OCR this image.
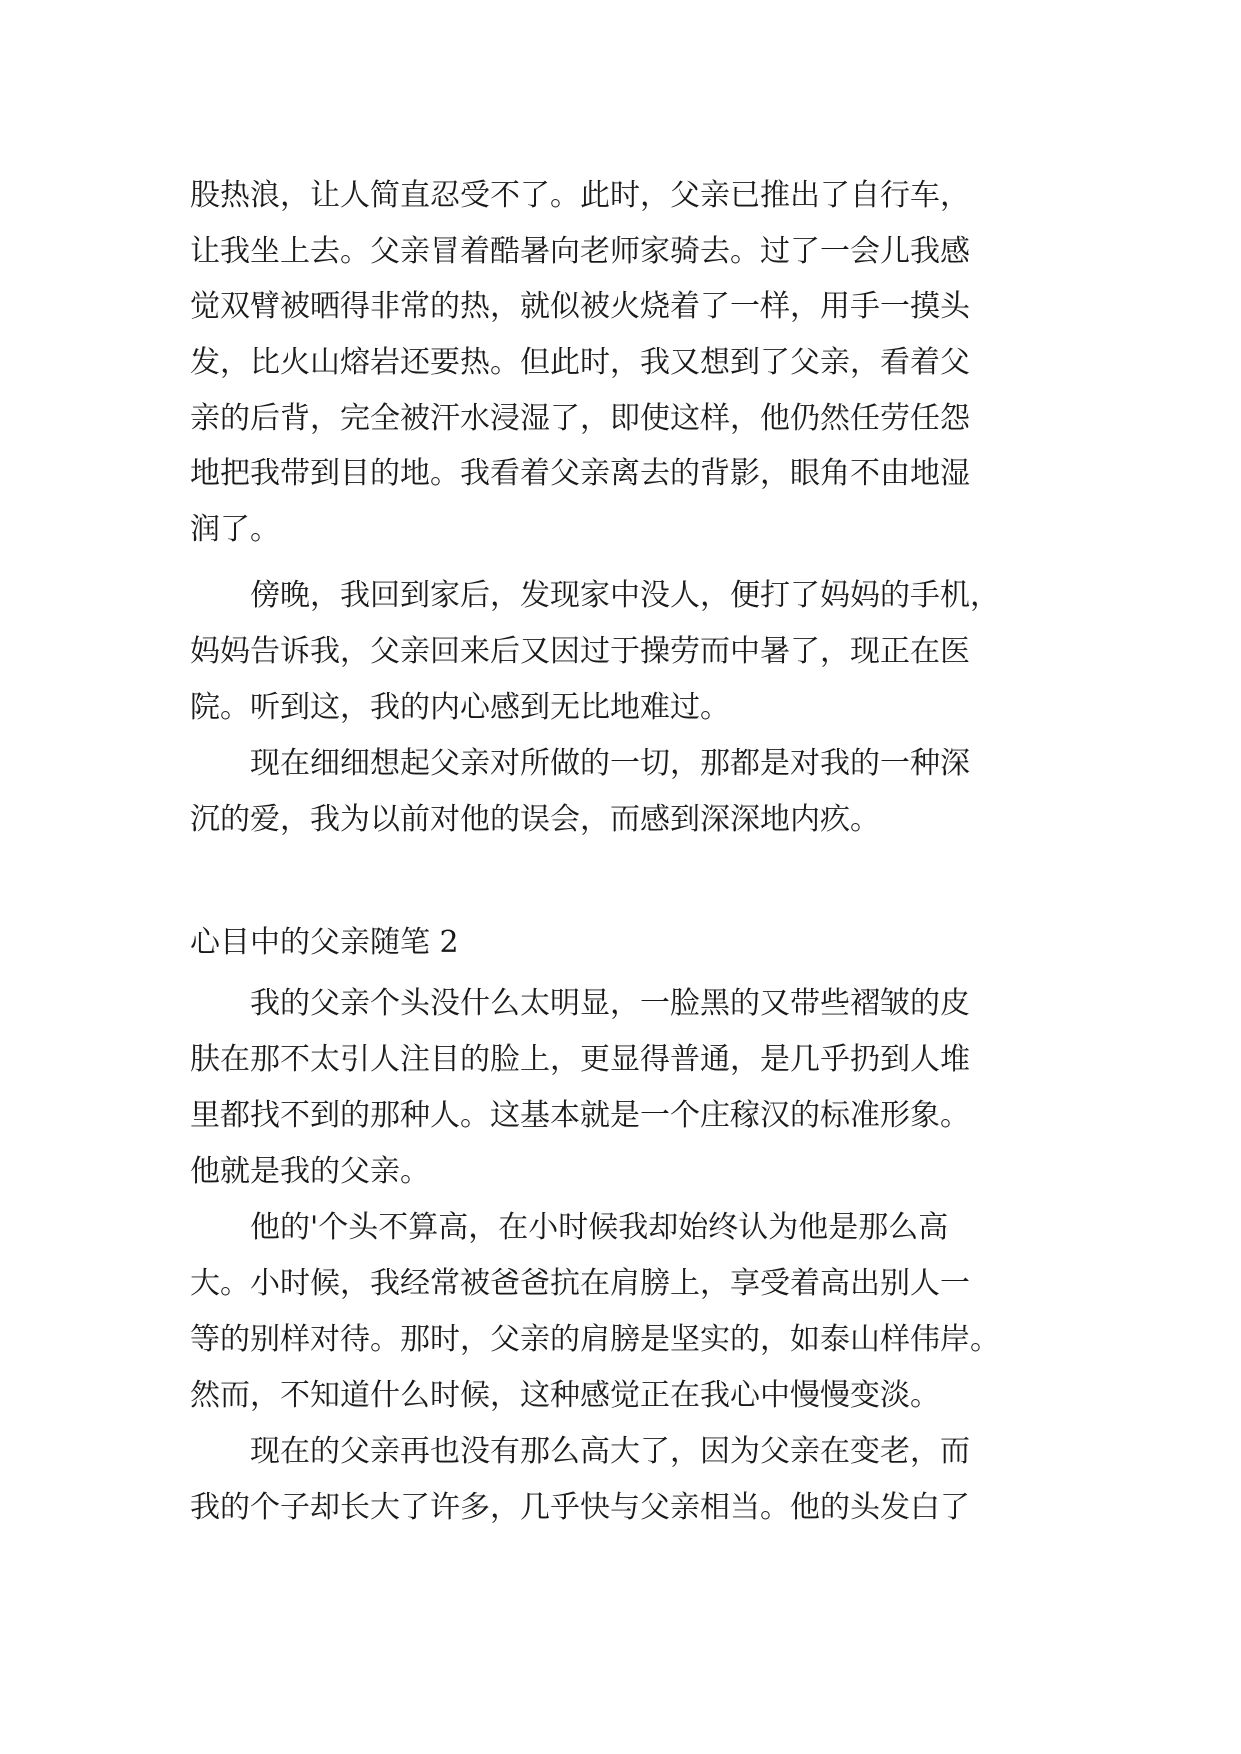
股热浪，让人简直忍受不了。此时，父亲已推出了自行车，
让我坐上去。父亲冒着酷暑向老师家骑去。过了一会儿我感
觉双臂被晒得非常的热，就似被火烧着了一样，用手一摸头
发，比火山熔岩还要热。但此时，我又想到了父亲，看着父
亲的后背，完全被汗水浸湿了，即使这样，他仍然任劳任怨
地把我带到目的地。我看着父亲离去的背影，眼角不由地湿
润了。
　　傍晚，我回到家后，发现家中没人，便打了妈妈的手机，
妈妈告诉我，父亲回来后又因过于操劳而中暑了，现正在医
院。听到这，我的内心感到无比地难过。
　　现在细细想起父亲对所做的一切，那都是对我的一种深
沉的爱，我为以前对他的误会，而感到深深地内疚。
心目中的父亲随笔 2
　　我的父亲个头没什么太明显，一脸黑的又带些褶皱的皮
肤在那不太引人注目的脸上，更显得普通，是几乎扔到人堆
里都找不到的那种人。这基本就是一个庄稼汉的标准形象。
他就是我的父亲。
　　他的'个头不算高，在小时候我却始终认为他是那么高
大。小时候，我经常被爸爸抗在肩膀上，享受着高出别人一
等的别样对待。那时，父亲的肩膀是坚实的，如泰山样伟岸。
然而，不知道什么时候，这种感觉正在我心中慢慢变淡。
　　现在的父亲再也没有那么高大了，因为父亲在变老，而
我的个子却长大了许多，几乎快与父亲相当。他的头发白了
